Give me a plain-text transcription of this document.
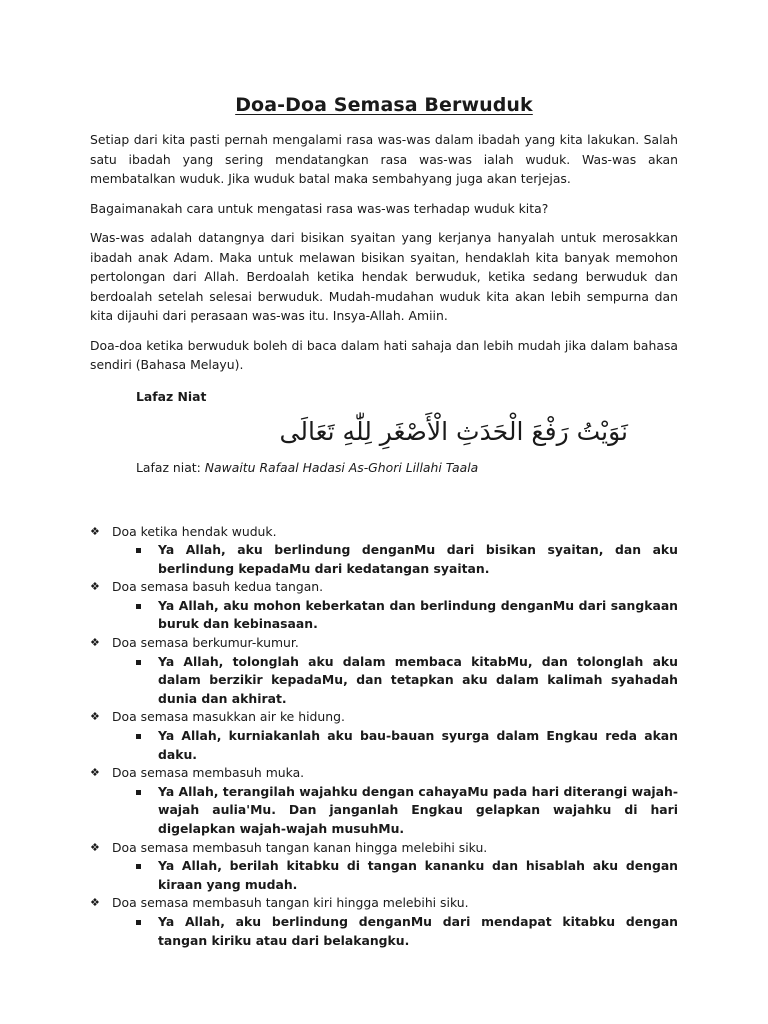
Doa-Doa Semasa Berwuduk

Setiap dari kita pasti pernah mengalami rasa was-was dalam ibadah yang kita lakukan. Salah satu ibadah yang sering mendatangkan rasa was-was ialah wuduk. Was-was akan membatalkan wuduk. Jika wuduk batal maka sembahyang juga akan terjejas.

Bagaimanakah cara untuk mengatasi rasa was-was terhadap wuduk kita?

Was-was adalah datangnya dari bisikan syaitan yang kerjanya hanyalah untuk merosakkan ibadah anak Adam. Maka untuk melawan bisikan syaitan, hendaklah kita banyak memohon pertolongan dari Allah. Berdoalah ketika hendak berwuduk, ketika sedang berwuduk dan berdoalah setelah selesai berwuduk. Mudah-mudahan wuduk kita akan lebih sempurna dan kita dijauhi dari perasaan was-was itu. Insya-Allah. Amiin.

Doa-doa ketika berwuduk boleh di baca dalam hati sahaja dan lebih mudah jika dalam bahasa sendiri (Bahasa Melayu).

Lafaz Niat
نَوَيْتُ رَفْعَ الْحَدَثِ الْأَصْغَرِ لِلّٰهِ تَعَالَى

Lafaz niat: Nawaitu Rafaal Hadasi As-Ghori Lillahi Taala

❖ Doa ketika hendak wuduk.
Ya Allah, aku berlindung denganMu dari bisikan syaitan, dan aku berlindung kepadaMu dari kedatangan syaitan.
❖ Doa semasa basuh kedua tangan.
Ya Allah, aku mohon keberkatan dan berlindung denganMu dari sangkaan buruk dan kebinasaan.
❖ Doa semasa berkumur-kumur.
Ya Allah, tolonglah aku dalam membaca kitabMu, dan tolonglah aku dalam berzikir kepadaMu, dan tetapkan aku dalam kalimah syahadah dunia dan akhirat.
❖ Doa semasa masukkan air ke hidung.
Ya Allah, kurniakanlah aku bau-bauan syurga dalam Engkau reda akan daku.
❖ Doa semasa membasuh muka.
Ya Allah, terangilah wajahku dengan cahayaMu pada hari diterangi wajah-wajah aulia'Mu. Dan janganlah Engkau gelapkan wajahku di hari digelapkan wajah-wajah musuhMu.
❖ Doa semasa membasuh tangan kanan hingga melebihi siku.
Ya Allah, berilah kitabku di tangan kananku dan hisablah aku dengan kiraan yang mudah.
❖ Doa semasa membasuh tangan kiri hingga melebihi siku.
Ya Allah, aku berlindung denganMu dari mendapat kitabku dengan tangan kiriku atau dari belakangku.
